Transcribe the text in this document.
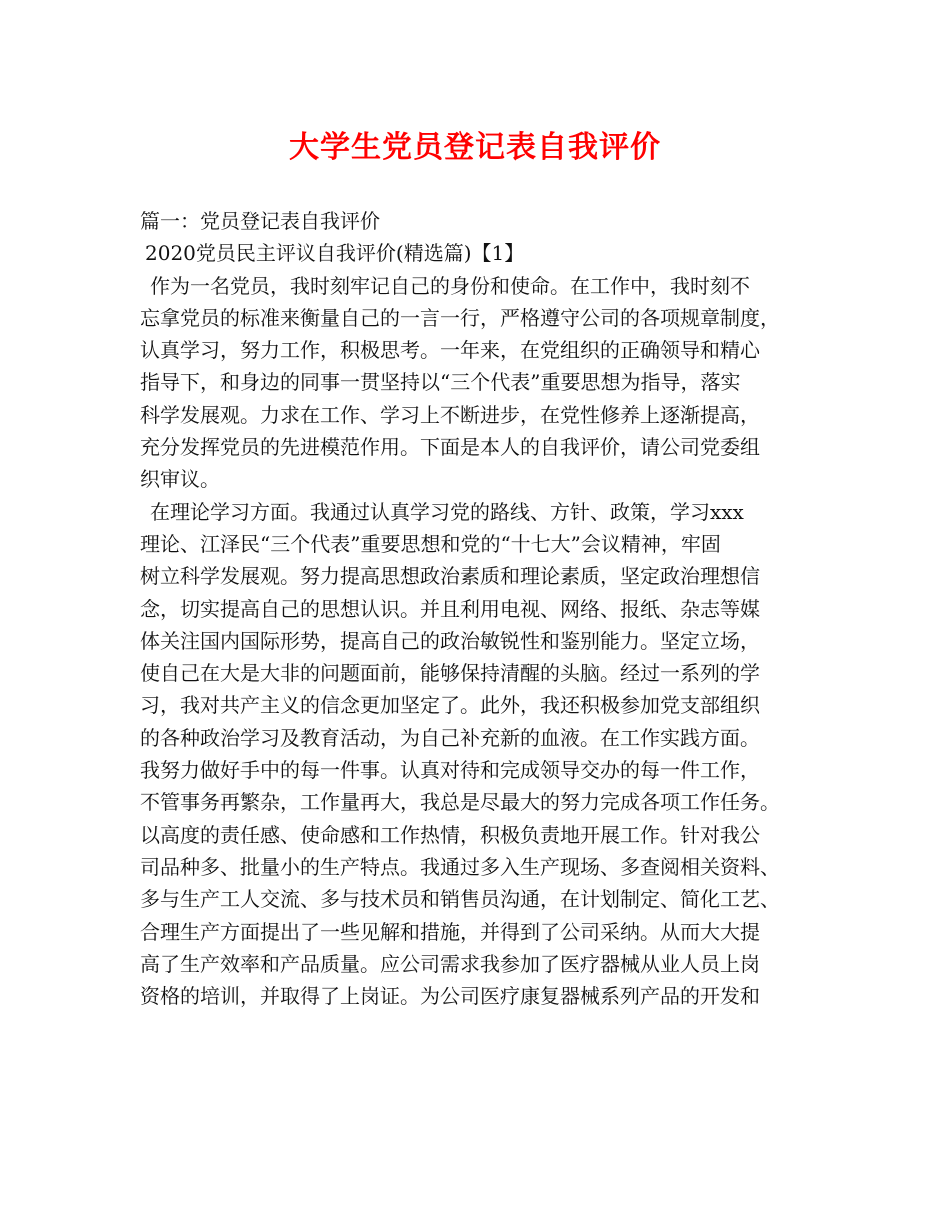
大学生党员登记表自我评价
篇一：党员登记表自我评价
2020党员民主评议自我评价(精选篇)【1】
作为一名党员，我时刻牢记自己的身份和使命。在工作中，我时刻不
忘拿党员的标准来衡量自己的一言一行，严格遵守公司的各项规章制度，
认真学习，努力工作，积极思考。一年来，在党组织的正确领导和精心
指导下，和身边的同事一贯坚持以“三个代表”重要思想为指导，落实
科学发展观。力求在工作、学习上不断进步，在党性修养上逐渐提高，
充分发挥党员的先进模范作用。下面是本人的自我评价，请公司党委组
织审议。
在理论学习方面。我通过认真学习党的路线、方针、政策，学习xxx
理论、江泽民“三个代表”重要思想和党的“十七大”会议精神，牢固
树立科学发展观。努力提高思想政治素质和理论素质，坚定政治理想信
念，切实提高自己的思想认识。并且利用电视、网络、报纸、杂志等媒
体关注国内国际形势，提高自己的政治敏锐性和鉴别能力。坚定立场，
使自己在大是大非的问题面前，能够保持清醒的头脑。经过一系列的学
习，我对共产主义的信念更加坚定了。此外，我还积极参加党支部组织
的各种政治学习及教育活动，为自己补充新的血液。在工作实践方面。
我努力做好手中的每一件事。认真对待和完成领导交办的每一件工作，
不管事务再繁杂，工作量再大，我总是尽最大的努力完成各项工作任务。
以高度的责任感、使命感和工作热情，积极负责地开展工作。针对我公
司品种多、批量小的生产特点。我通过多入生产现场、多查阅相关资料、
多与生产工人交流、多与技术员和销售员沟通，在计划制定、简化工艺、
合理生产方面提出了一些见解和措施，并得到了公司采纳。从而大大提
高了生产效率和产品质量。应公司需求我参加了医疗器械从业人员上岗
资格的培训，并取得了上岗证。为公司医疗康复器械系列产品的开发和
